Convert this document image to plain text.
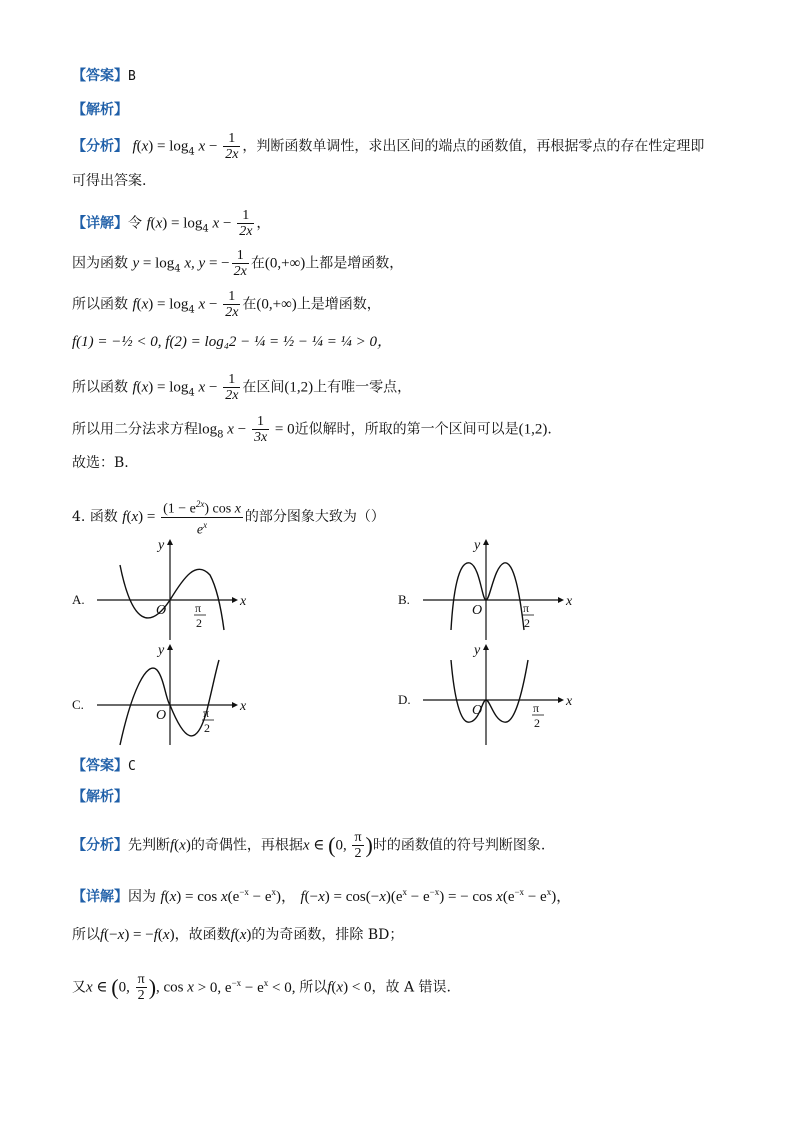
【答案】B
【解析】
【分析】 $f(x) = \log_4 x - \frac{1}{2x}$ ，判断函数单调性，求出区间的端点的函数值，再根据零点的存在性定理即
可得出答案.
【详解】令 $f(x) = \log_4 x - \frac{1}{2x}$ ，
因为函数 $y = \log_4 x$, y = − $\frac{1}{2x}$ 在(0,+∞)上都是增函数，
所以函数 $f(x) = \log_4 x - \frac{1}{2x}$ 在(0,+∞)上是增函数，
f(1) = −½ < 0, f(2) = log₄2 − ¼ = ½ − ¼ = ¼ > 0，
所以函数 $f(x) = \log_4 x - \frac{1}{2x}$ 在区间(1,2)上有唯一零点，
所以用二分法求方程$\log_8 x - \frac{1}{3x} = 0$近似解时，所取的第一个区间可以是(1,2).
故选：B.
4. 函数 $f(x) = \frac{(1 - e^{2x}) \cos x}{e^x}$ 的部分图象大致为（）
A.	x
y
O π
2
B.	x
y
O	π
2
C.	x
y
O	π
2
D.	x
y
O	π
2
【答案】C
【解析】
【分析】先判断f(x)的奇偶性，再根据x ∈ (0, $\frac{\pi}{2}$ )时的函数值的符号判断图象.
【详解】因为 $f(x) = \cos x(e^{-x} - e^x)$， $f(-x) = \cos(-x)(e^x - e^{-x})$ = − $\cos x(e^{-x} - e^x)$，
所以f(−x) = −f(x)，故函数f(x)的为奇函数，排除 BD；
又x ∈ (0, $\frac{\pi}{2}$ ), cos x > 0, $e^{-x} - e^x < 0$, 所以f(x) < 0，故 A 错误.
